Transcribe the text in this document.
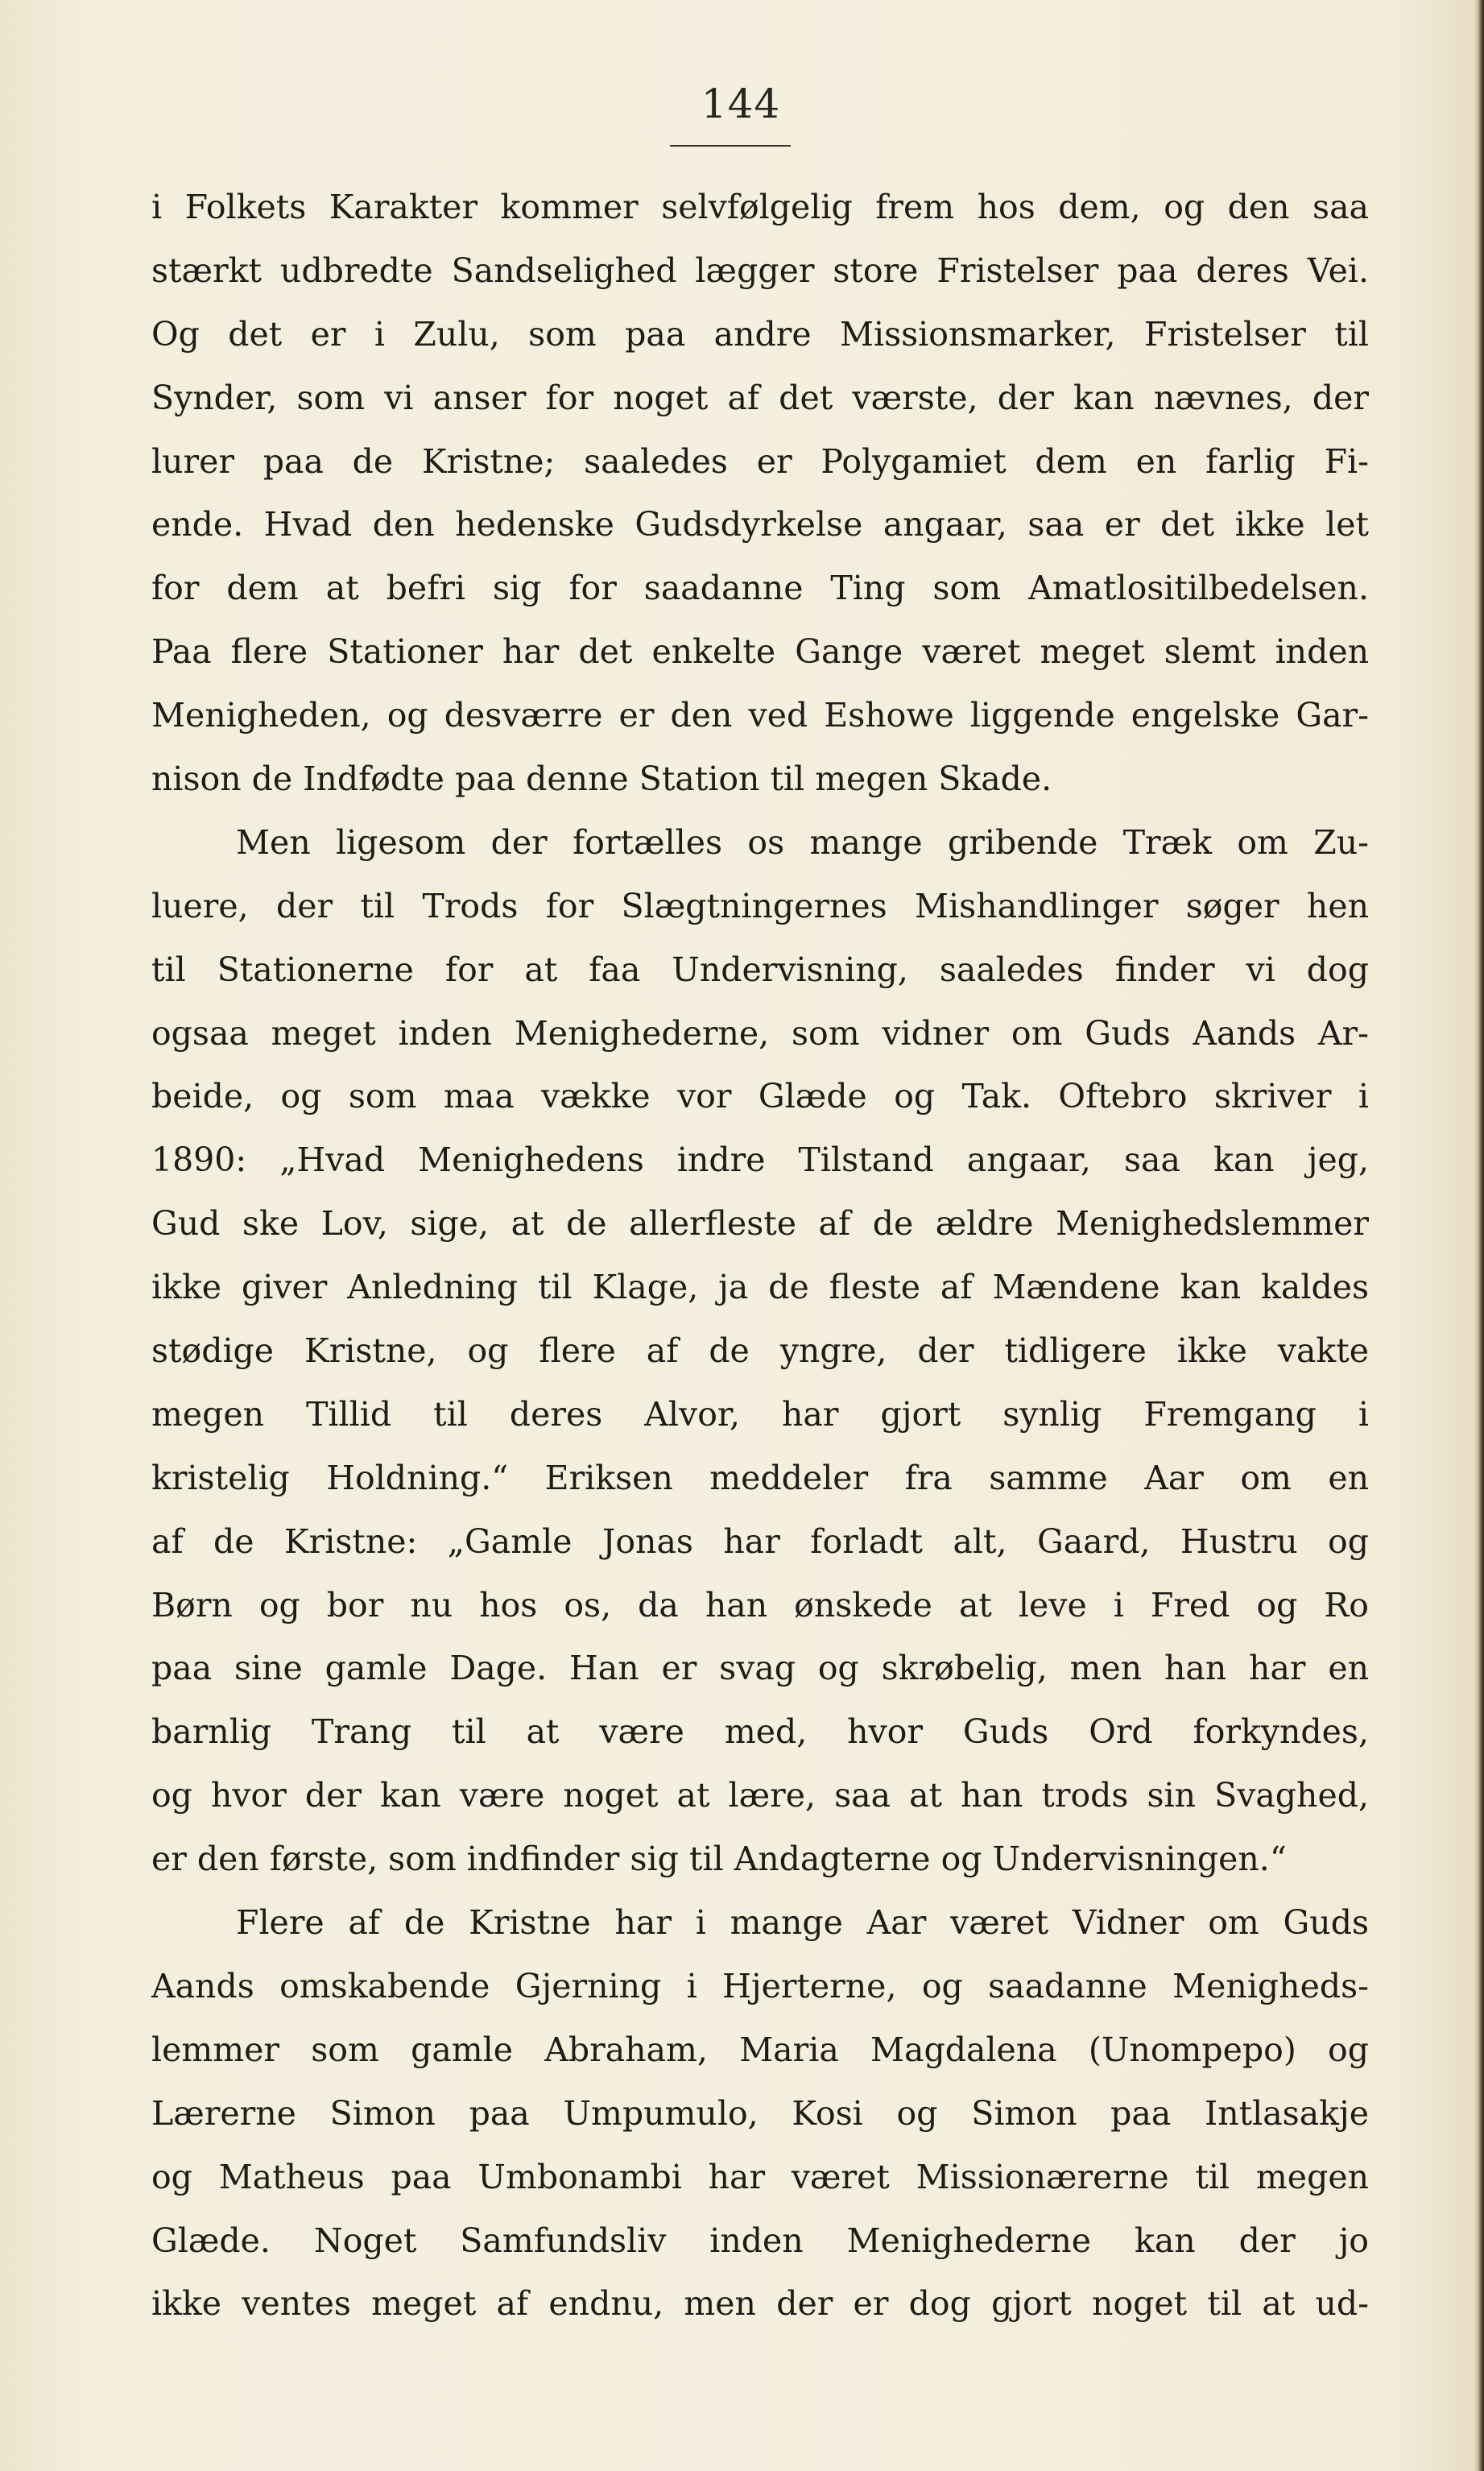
144
i Folkets Karakter kommer selvfølgelig frem hos dem, og den saa
stærkt udbredte Sandselighed lægger store Fristelser paa deres Vei.
Og det er i Zulu, som paa andre Missionsmarker, Fristelser til
Synder, som vi anser for noget af det værste, der kan nævnes, der
lurer paa de Kristne; saaledes er Polygamiet dem en farlig Fi-
ende. Hvad den hedenske Gudsdyrkelse angaar, saa er det ikke let
for dem at befri sig for saadanne Ting som Amatlositilbedelsen.
Paa flere Stationer har det enkelte Gange været meget slemt inden
Menigheden, og desværre er den ved Eshowe liggende engelske Gar-
nison de Indfødte paa denne Station til megen Skade.
Men ligesom der fortælles os mange gribende Træk om Zu-
luere, der til Trods for Slægtningernes Mishandlinger søger hen
til Stationerne for at faa Undervisning, saaledes finder vi dog
ogsaa meget inden Menighederne, som vidner om Guds Aands Ar-
beide, og som maa vække vor Glæde og Tak. Oftebro skriver i
1890: „Hvad Menighedens indre Tilstand angaar, saa kan jeg,
Gud ske Lov, sige, at de allerfleste af de ældre Menighedslemmer
ikke giver Anledning til Klage, ja de fleste af Mændene kan kaldes
stødige Kristne, og flere af de yngre, der tidligere ikke vakte
megen Tillid til deres Alvor, har gjort synlig Fremgang i
kristelig Holdning.“ Eriksen meddeler fra samme Aar om en
af de Kristne: „Gamle Jonas har forladt alt, Gaard, Hustru og
Børn og bor nu hos os, da han ønskede at leve i Fred og Ro
paa sine gamle Dage. Han er svag og skrøbelig, men han har en
barnlig Trang til at være med, hvor Guds Ord forkyndes,
og hvor der kan være noget at lære, saa at han trods sin Svaghed,
er den første, som indfinder sig til Andagterne og Undervisningen.“
Flere af de Kristne har i mange Aar været Vidner om Guds
Aands omskabende Gjerning i Hjerterne, og saadanne Menigheds-
lemmer som gamle Abraham, Maria Magdalena (Unompepo) og
Lærerne Simon paa Umpumulo, Kosi og Simon paa Intlasakje
og Matheus paa Umbonambi har været Missionærerne til megen
Glæde. Noget Samfundsliv inden Menighederne kan der jo
ikke ventes meget af endnu, men der er dog gjort noget til at ud-
